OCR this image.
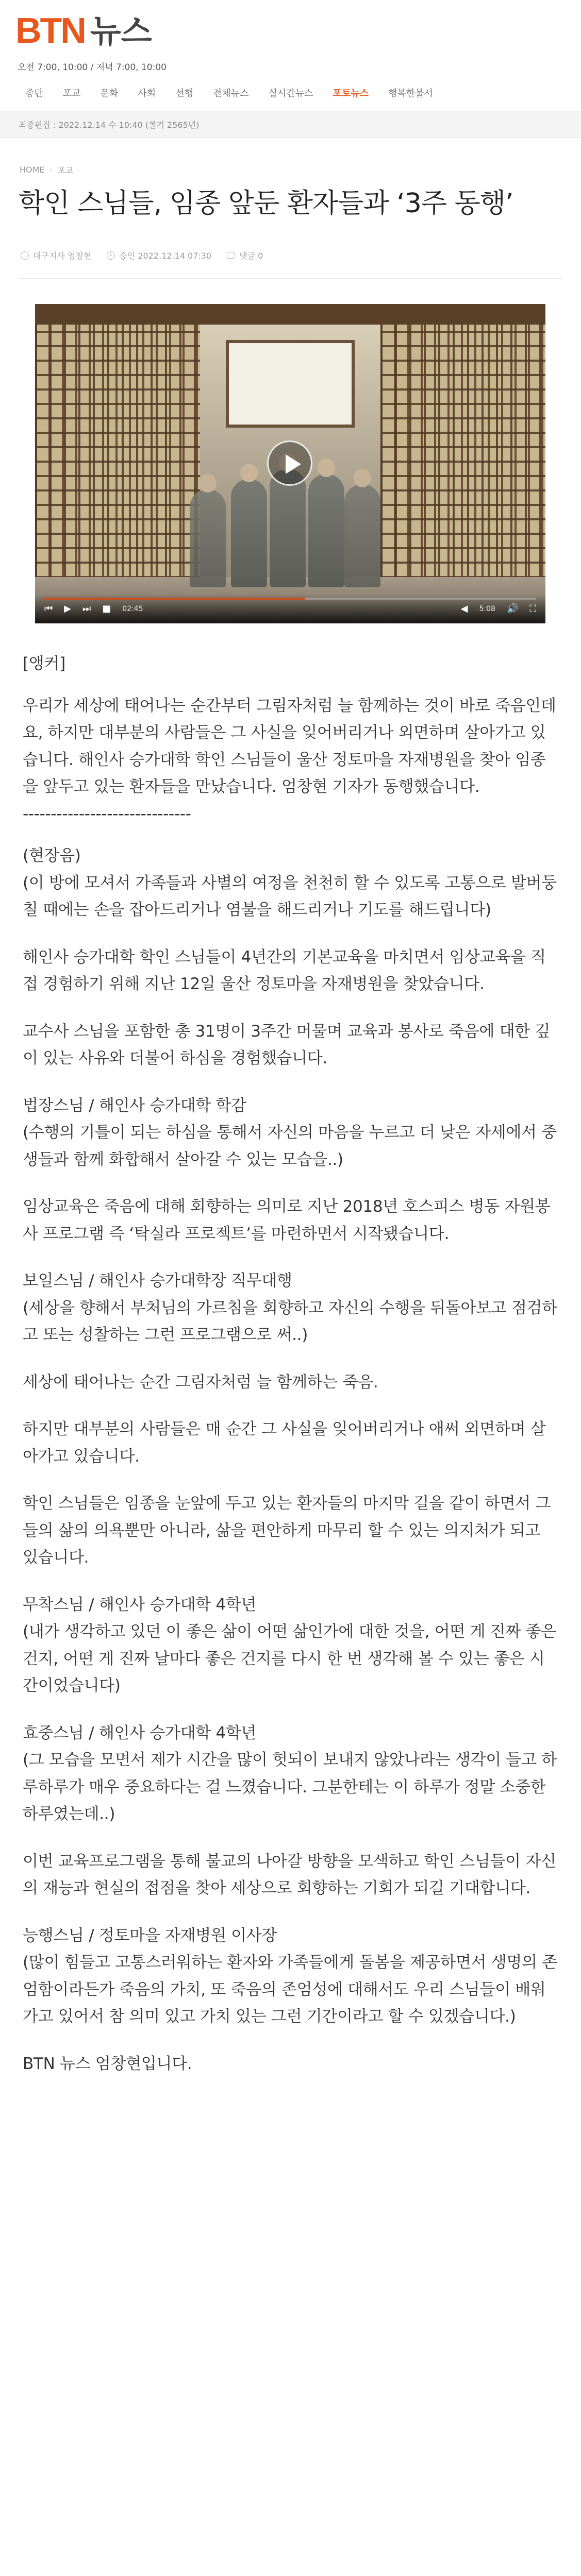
BTN 뉴스
오전 7:00, 10:00 / 저녁 7:00, 10:00
종단	포교	문화	사회	선행	전체뉴스	실시간뉴스	포토뉴스	행복한불서
최종편집 : 2022.12.14 수 10:40 (볼기 2565년)
HOME › 포교
학인 스님들, 임종 앞둔 환자들과 ‘3주 동행’
대구지사 엄창현	승인 2022.12.14 07:30	댓글 0
⏮ ▶ ⏭ ■ 02:45	◀ 5:08 🔊 ⛶

[앵커]

우리가 세상에 태어나는 순간부터 그림자처럼 늘 함께하는 것이 바로 죽음인데요, 하지만 대부분의 사람들은 그 사실을 잊어버리거나 외면하며 살아가고 있습니다. 해인사 승가대학 학인 스님들이 울산 정토마을 자재병원을 찾아 임종을 앞두고 있는 환자들을 만났습니다. 엄창현 기자가 동행했습니다.

------------------------------

(현장음)

(이 방에 모셔서 가족들과 사별의 여정을 천천히 할 수 있도록 고통으로 발버둥 칠 때에는 손을 잡아드리거나 염불을 해드리거나 기도를 해드립니다)

해인사 승가대학 학인 스님들이 4년간의 기본교육을 마치면서 임상교육을 직접 경험하기 위해 지난 12일 울산 정토마을 자재병원을 찾았습니다.

교수사 스님을 포함한 총 31명이 3주간 머물며 교육과 봉사로 죽음에 대한 깊이 있는 사유와 더불어 하심을 경험했습니다.

법장스님 / 해인사 승가대학 학감

(수행의 기틀이 되는 하심을 통해서 자신의 마음을 누르고 더 낮은 자세에서 중생들과 함께 화합해서 살아갈 수 있는 모습을..)

임상교육은 죽음에 대해 회향하는 의미로 지난 2018년 호스피스 병동 자원봉사 프로그램 즉 ‘탁실라 프로젝트’를 마련하면서 시작됐습니다.

보일스님 / 해인사 승가대학장 직무대행

(세상을 향해서 부처님의 가르침을 회향하고 자신의 수행을 뒤돌아보고 점검하고 또는 성찰하는 그런 프로그램으로 써..)

세상에 태어나는 순간 그림자처럼 늘 함께하는 죽음.

하지만 대부분의 사람들은 매 순간 그 사실을 잊어버리거나 애써 외면하며 살아가고 있습니다.

학인 스님들은 임종을 눈앞에 두고 있는 환자들의 마지막 길을 같이 하면서 그들의 삶의 의욕뿐만 아니라, 삶을 편안하게 마무리 할 수 있는 의지처가 되고 있습니다.

무착스님 / 해인사 승가대학 4학년

(내가 생각하고 있던 이 좋은 삶이 어떤 삶인가에 대한 것을, 어떤 게 진짜 좋은 건지, 어떤 게 진짜 날마다 좋은 건지를 다시 한 번 생각해 볼 수 있는 좋은 시간이었습니다)

효중스님 / 해인사 승가대학 4학년

(그 모습을 모면서 제가 시간을 많이 헛되이 보내지 않았나라는 생각이 들고 하루하루가 매우 중요하다는 걸 느꼈습니다. 그분한테는 이 하루가 정말 소중한 하루였는데..)

이번 교육프로그램을 통해 불교의 나아갈 방향을 모색하고 학인 스님들이 자신의 재능과 현실의 접점을 찾아 세상으로 회향하는 기회가 되길 기대합니다.

능행스님 / 정토마을 자재병원 이사장

(많이 힘들고 고통스러워하는 환자와 가족들에게 돌봄을 제공하면서 생명의 존엄함이라든가 죽음의 가치, 또 죽음의 존엄성에 대해서도 우리 스님들이 배워가고 있어서 참 의미 있고 가치 있는 그런 기간이라고 할 수 있겠습니다.)

BTN 뉴스 엄창현입니다.
